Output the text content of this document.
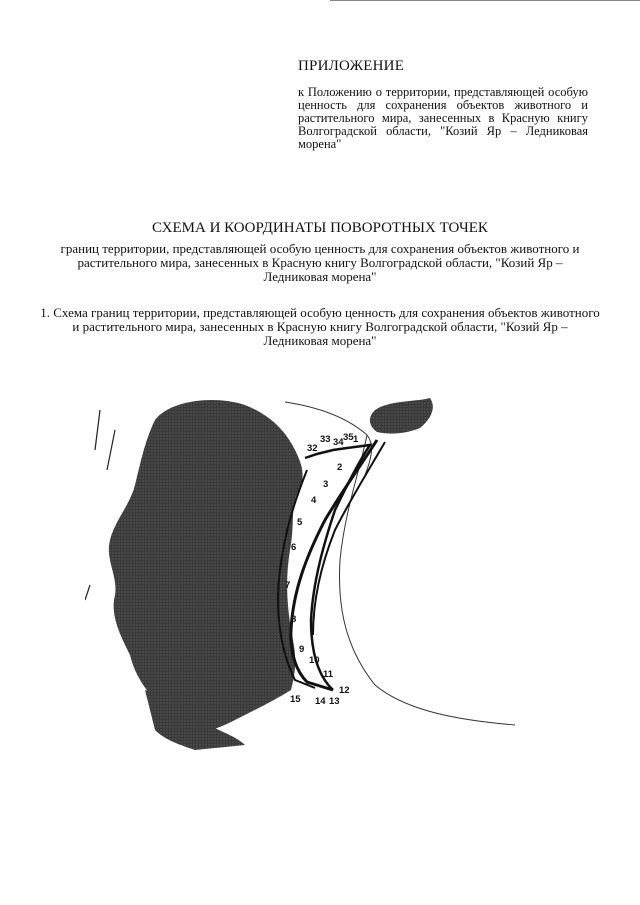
ПРИЛОЖЕНИЕ
к Положению о территории, представляющей особую ценность для сохранения объектов животного и растительного мира, занесенных в Красную книгу Волгоградской области, "Козий Яр – Ледниковая морена"
СХЕМА И КООРДИНАТЫ ПОВОРОТНЫХ ТОЧЕК
границ территории, представляющей особую ценность для сохранения объектов животного и растительного мира, занесенных в Красную книгу Волгоградской области, "Козий Яр – Ледниковая морена"
1. Схема границ территории, представляющей особую ценность для сохранения объектов животного и растительного мира, занесенных в Красную книгу Волгоградской области, "Козий Яр – Ледниковая морена"
1
2
3
4
5
6
7
8
9
10
11
12
13
14
15
32
33 34 35
